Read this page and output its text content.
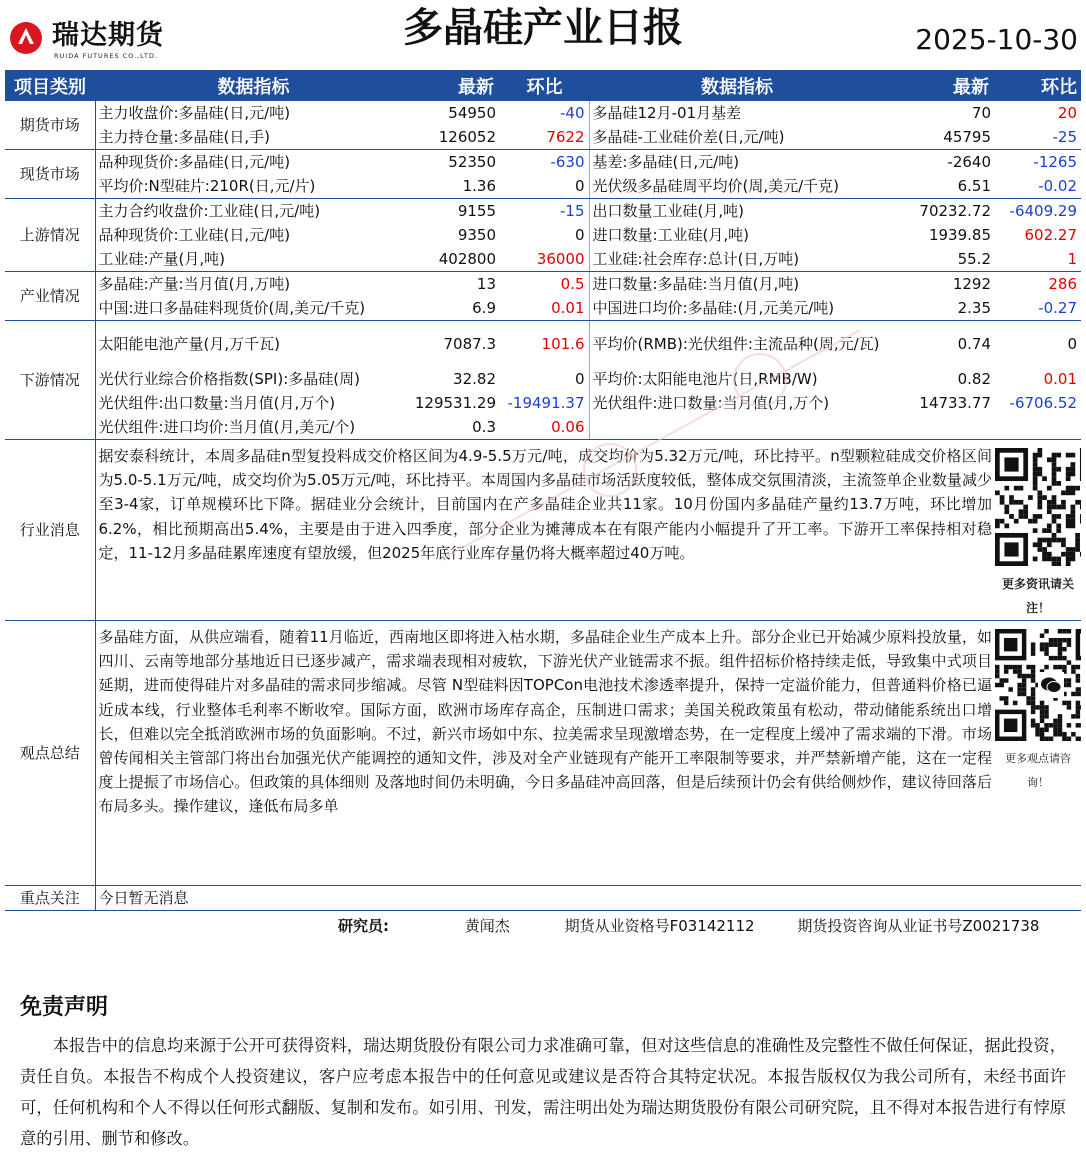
瑞达期货
RUIDA FUTURES CO.,LTD.
多晶硅产业日报	2025-10-30
项目类别	数据指标	最新	环比	数据指标	最新	环比
期货市场	主力收盘价:多晶硅(日,元/吨)	54950	-40	多晶硅12月-01月基差	70	20
	主力持仓量:多晶硅(日,手)	126052	7622	多晶硅-工业硅价差(日,元/吨)	45795	-25
现货市场	品种现货价:多晶硅(日,元/吨)	52350	-630	基差:多晶硅(日,元/吨)	-2640	-1265
	平均价:N型硅片:210R(日,元/片)	1.36	0	光伏级多晶硅周平均价(周,美元/千克)	6.51	-0.02
上游情况	主力合约收盘价:工业硅(日,元/吨)	9155	-15	出口数量工业硅(月,吨)	70232.72	-6409.29
	品种现货价:工业硅(日,元/吨)	9350	0	进口数量:工业硅(月,吨)	1939.85	602.27
	工业硅:产量(月,吨)	402800	36000	工业硅:社会库存:总计(日,万吨)	55.2	1
产业情况	多晶硅:产量:当月值(月,万吨)	13	0.5	进口数量:多晶硅:当月值(月,吨)	1292	286
	中国:进口多晶硅料现货价(周,美元/千克)	6.9	0.01	中国进口均价:多晶硅:(月,元美元/吨)	2.35	-0.27
下游情况	太阳能电池产量(月,万千瓦)	7087.3	101.6	平均价(RMB):光伏组件:主流品种(周,元/瓦)	0.74	0
	光伏行业综合价格指数(SPI):多晶硅(周)	32.82	0	平均价:太阳能电池片(日,RMB/W)	0.82	0.01
	光伏组件:出口数量:当月值(月,万个)	129531.29	-19491.37	光伏组件:进口数量:当月值(月,万个)	14733.77	-6706.52
	光伏组件:进口均价:当月值(月,美元/个)	0.3	0.06			
行业消息	据安泰科统计，本周多晶硅n型复投料成交价格区间为4.9-5.5万元/吨，成交均价为5.32万元/吨，环比持平。n型颗粒硅成交价格区间为5.0-5.1万元/吨，成交均价为5.05万元/吨，环比持平。本周国内多晶硅市场活跃度较低，整体成交氛围清淡，主流签单企业数量减少至3-4家，订单规模环比下降。据硅业分会统计，目前国内在产多晶硅企业共11家。10月份国内多晶硅产量约13.7万吨，环比增加6.2%，相比预期高出5.4%，主要是由于进入四季度，部分企业为摊薄成本在有限产能内小幅提升了开工率。下游开工率保持相对稳定，11-12月多晶硅累库速度有望放缓，但2025年底行业库存量仍将大概率超过40万吨。					更多资讯请关注！

观点总结	多晶硅方面，从供应端看，随着11月临近，西南地区即将进入枯水期，多晶硅企业生产成本上升。部分企业已开始减少原料投放量，如四川、云南等地部分基地近日已逐步减产，需求端表现相对疲软，下游光伏产业链需求不振。组件招标价格持续走低，导致集中式项目延期，进而使得硅片对多晶硅的需求同步缩减。尽管 N型硅料因TOPCon电池技术渗透率提升，保持一定溢价能力，但普通料价格已逼近成本线，行业整体毛利率不断收窄。国际方面，欧洲市场库存高企，压制进口需求；美国关税政策虽有松动，带动储能系统出口增长，但难以完全抵消欧洲市场的负面影响。不过，新兴市场如中东、拉美需求呈现激增态势，在一定程度上缓冲了需求端的下滑。市场曾传闻相关主管部门将出台加强光伏产能调控的通知文件，涉及对全产业链现有产能开工率限制等要求，并严禁新增产能，这在一定程度上提振了市场信心。但政策的具体细则 及落地时间仍未明确，今日多晶硅冲高回落，但是后续预计仍会有供给侧炒作，建议待回落后布局多头。操作建议，逢低布局多单					更多观点请咨询！

重点关注	今日暂无消息					
研究员:	黄闻杰	期货从业资格号F03142112	期货投资咨询从业证书号Z0021738
免责声明
本报告中的信息均来源于公开可获得资料，瑞达期货股份有限公司力求准确可靠，但对这些信息的准确性及完整性不做任何保证，据此投资，责任自负。本报告不构成个人投资建议，客户应考虑本报告中的任何意见或建议是否符合其特定状况。本报告版权仅为我公司所有，未经书面许可，任何机构和个人不得以任何形式翻版、复制和发布。如引用、刊发，需注明出处为瑞达期货股份有限公司研究院，且不得对本报告进行有悖原意的引用、删节和修改。
